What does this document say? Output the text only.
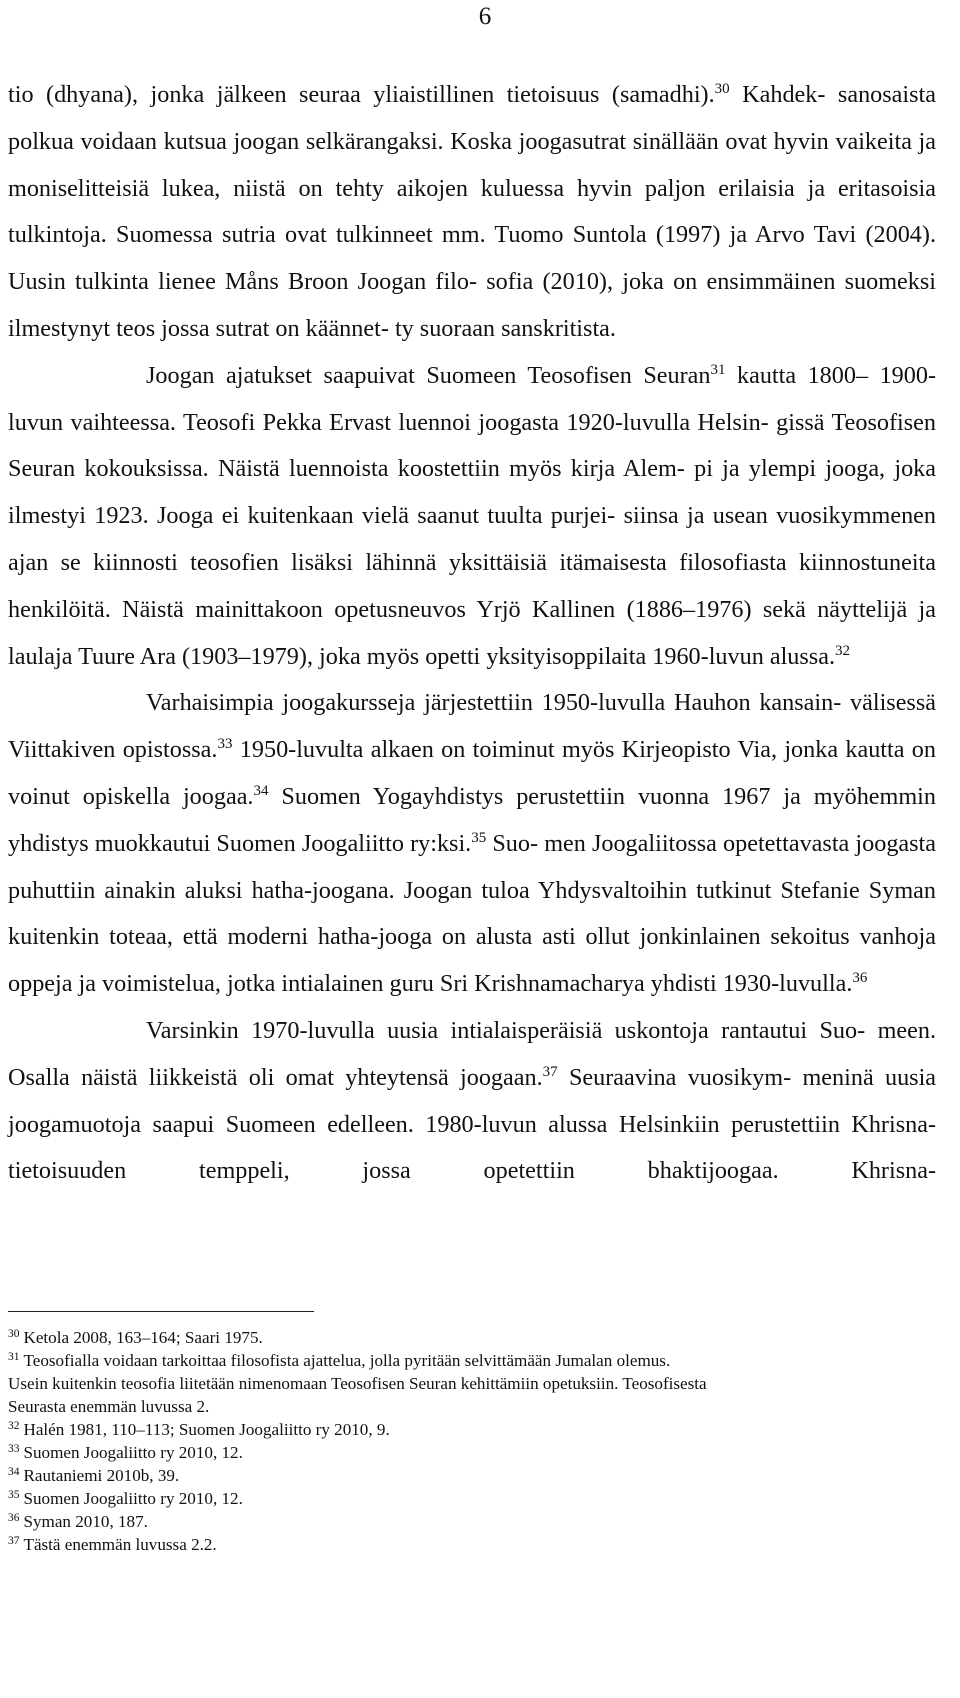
6

tio (dhyana), jonka jälkeen seuraa yliaistillinen tietoisuus (samadhi).$^{30}$ Kahdek- sanosaista polkua voidaan kutsua joogan selkärangaksi. Koska joogasutrat sinällään ovat hyvin vaikeita ja moniselitteisiä lukea, niistä on tehty aikojen kuluessa hyvin paljon erilaisia ja eritasoisia tulkintoja. Suomessa sutria ovat tulkinneet mm. Tuomo Suntola (1997) ja Arvo Tavi (2004). Uusin tulkinta lienee Måns Broon Joogan filo- sofia (2010), joka on ensimmäinen suomeksi ilmestynyt teos jossa sutrat on käännet- ty suoraan sanskritista.

Joogan ajatukset saapuivat Suomeen Teosofisen Seuran$^{31}$ kautta 1800– 1900-luvun vaihteessa. Teosofi Pekka Ervast luennoi joogasta 1920-luvulla Helsin- gissä Teosofisen Seuran kokouksissa. Näistä luennoista koostettiin myös kirja Alem- pi ja ylempi jooga, joka ilmestyi 1923. Jooga ei kuitenkaan vielä saanut tuulta purjei- siinsa ja usean vuosikymmenen ajan se kiinnosti teosofien lisäksi lähinnä yksittäisiä itämaisesta filosofiasta kiinnostuneita henkilöitä. Näistä mainittakoon opetusneuvos Yrjö Kallinen (1886–1976) sekä näyttelijä ja laulaja Tuure Ara (1903–1979), joka myös opetti yksityisoppilaita 1960-luvun alussa.$^{32}$

Varhaisimpia joogakursseja järjestettiin 1950-luvulla Hauhon kansain- välisessä Viittakiven opistossa.$^{33}$ 1950-luvulta alkaen on toiminut myös Kirjeopisto Via, jonka kautta on voinut opiskella joogaa.$^{34}$ Suomen Yogayhdistys perustettiin vuonna 1967 ja myöhemmin yhdistys muokkautui Suomen Joogaliitto ry:ksi.$^{35}$ Suo- men Joogaliitossa opetettavasta joogasta puhuttiin ainakin aluksi hatha-joogana. Joogan tuloa Yhdysvaltoihin tutkinut Stefanie Syman kuitenkin toteaa, että moderni hatha-jooga on alusta asti ollut jonkinlainen sekoitus vanhoja oppeja ja voimistelua, jotka intialainen guru Sri Krishnamacharya yhdisti 1930-luvulla.$^{36}$

Varsinkin 1970-luvulla uusia intialaisperäisiä uskontoja rantautui Suo- meen. Osalla näistä liikkeistä oli omat yhteytensä joogaan.$^{37}$ Seuraavina vuosikym- meninä uusia joogamuotoja saapui Suomeen edelleen. 1980-luvun alussa Helsinkiin perustettiin Khrisna-tietoisuuden temppeli, jossa opetettiin bhaktijoogaa. Khrisna-

$^{30}$ Ketola 2008, 163–164; Saari 1975.

$^{31}$ Teosofialla voidaan tarkoittaa filosofista ajattelua, jolla pyritään selvittämään Jumalan olemus.

Usein kuitenkin teosofia liitetään nimenomaan Teosofisen Seuran kehittämiin opetuksiin. Teosofisesta

Seurasta enemmän luvussa 2.

$^{32}$ Halén 1981, 110–113; Suomen Joogaliitto ry 2010, 9.

$^{33}$ Suomen Joogaliitto ry 2010, 12.

$^{34}$ Rautaniemi 2010b, 39.

$^{35}$ Suomen Joogaliitto ry 2010, 12.

$^{36}$ Syman 2010, 187.

$^{37}$ Tästä enemmän luvussa 2.2.
